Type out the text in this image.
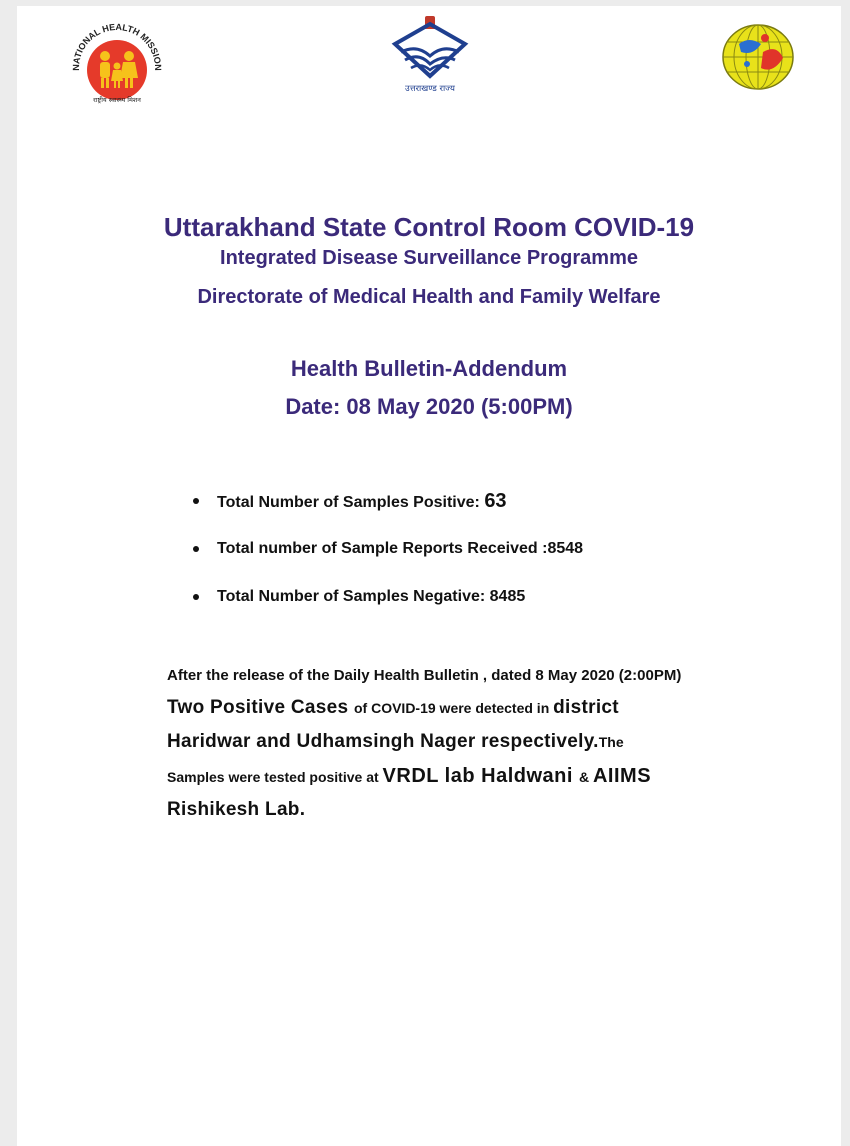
NATIONAL HEALTH MISSION
राष्ट्रीय स्वास्थ्य मिशन
उत्तराखण्ड राज्य

Uttarakhand State Control Room COVID-19

Integrated Disease Surveillance Programme

Directorate of Medical Health and Family Welfare

Health Bulletin-Addendum

Date: 08 May 2020 (5:00PM)

Total Number of Samples Positive: 63
Total number of Sample Reports Received :8548
Total Number of Samples Negative: 8485
After the release of the Daily Health Bulletin , dated 8 May 2020 (2:00PM)
Two Positive Cases of COVID-19 were detected in district
Haridwar and Udhamsingh Nager respectively.The
Samples were tested positive at VRDL lab Haldwani & AIIMS
Rishikesh Lab.
